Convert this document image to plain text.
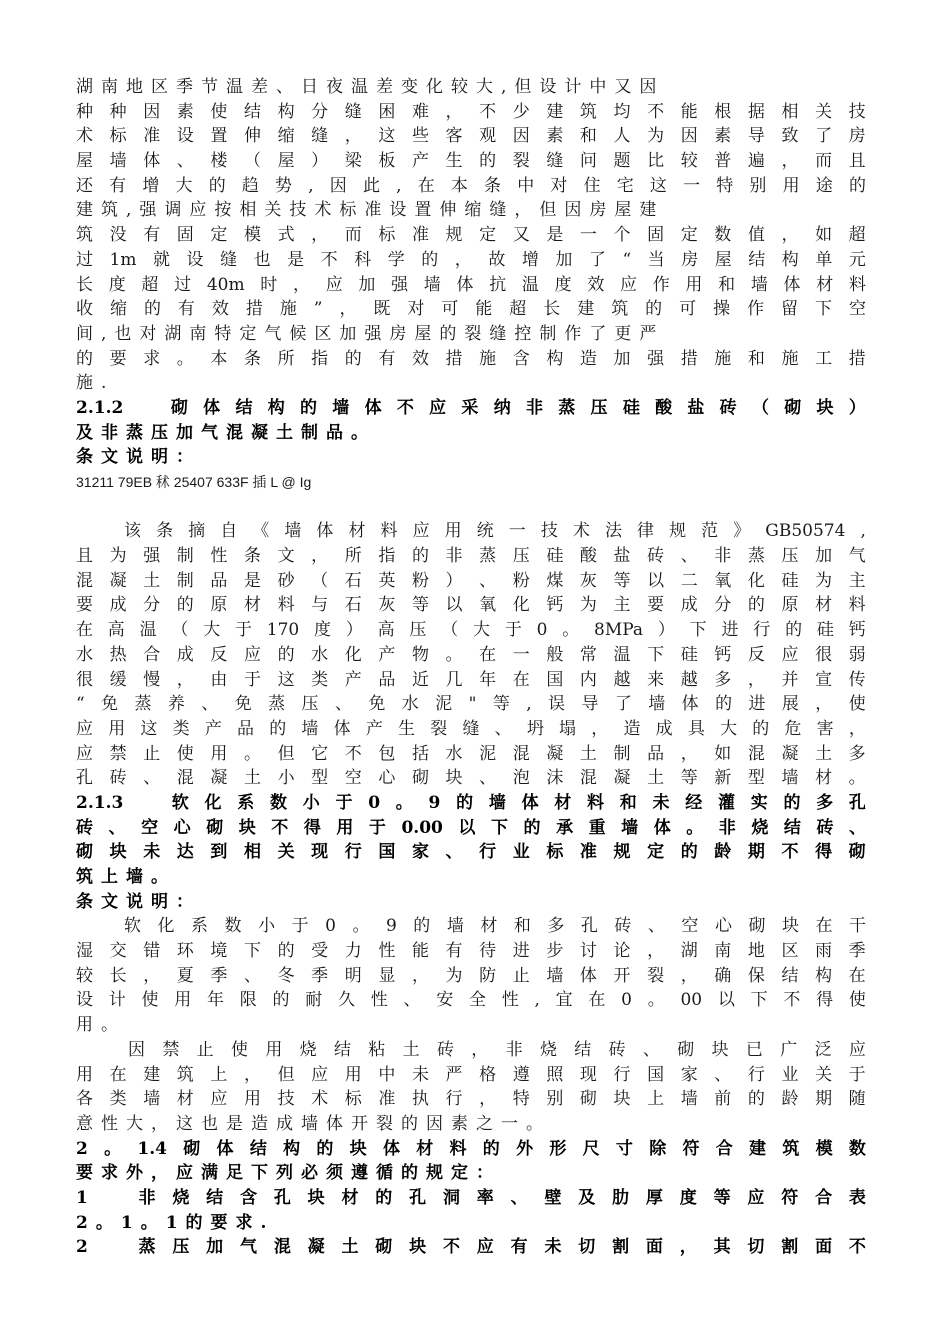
湖 南 地 区 季 节 温 差 、 日 夜 温 差 变 化 较 大 , 但 设 计 中 又 因
种 种 因 素 使 结 构 分 缝 困 难 ， 不 少 建 筑 均 不 能 根 据 相 关 技
术 标 准 设 置 伸 缩 缝 ， 这 些 客 观 因 素 和 人 为 因 素 导 致 了 房
屋 墙 体 、 楼 （ 屋 ） 梁 板 产 生 的 裂 缝 问 题 比 较 普 遍 ， 而 且
还 有 增 大 的 趋 势 , 因 此 , 在 本 条 中 对 住 宅 这 一 特 别 用 途 的
建 筑 , 强 调 应 按 相 关 技 术 标 准 设 置 伸 缩 缝 ， 但 因 房 屋 建
筑 没 有 固 定 模 式 ， 而 标 准 规 定 又 是 一 个 固 定 数 值 ， 如 超
过 1m 就 设 缝 也 是 不 科 学 的 ， 故 增 加 了 “ 当 房 屋 结 构 单 元
长 度 超 过 40m 时 ， 应 加 强 墙 体 抗 温 度 效 应 作 用 和 墙 体 材 料
收 缩 的 有 效 措 施 ” ， 既 对 可 能 超 长 建 筑 的 可 操 作 留 下 空
间 , 也 对 湖 南 特 定 气 候 区 加 强 房 屋 的 裂 缝 控 制 作 了 更 严
的 要 求 。 本 条 所 指 的 有 效 措 施 含 构 造 加 强 措 施 和 施 工 措
施 .
2.1.2
　	砌 体 结 构 的 墙 体 不 应 采 纳 非 蒸 压 硅 酸 盐 砖 （ 砌 块 ）
及 非 蒸 压 加 气 混 凝 土 制 品 。
条 文 说 明 ：
31211 79EB 秫 25407 633F 插 L @ Ig
该 条 摘 自 《 墙 体 材 料 应 用 统 一 技 术 法 律 规 范 》 GB50574 ,
且 为 强 制 性 条 文 ， 所 指 的 非 蒸 压 硅 酸 盐 砖 、 非 蒸 压 加 气
混 凝 土 制 品 是 砂 （ 石 英 粉 ） 、 粉 煤 灰 等 以 二 氧 化 硅 为 主
要 成 分 的 原 材 料 与 石 灰 等 以 氧 化 钙 为 主 要 成 分 的 原 材 料
在 高 温 （ 大 于 170 度 ） 高 压 （ 大 于 0 。 8MPa ） 下 进 行 的 硅 钙
水 热 合 成 反 应 的 水 化 产 物 。 在 一 般 常 温 下 硅 钙 反 应 很 弱
很 缓 慢 ， 由 于 这 类 产 品 近 几 年 在 国 内 越 来 越 多 ， 并 宣 传
“ 免 蒸 养 、 免 蒸 压 、 免 水 泥 " 等 , 误 导 了 墙 体 的 进 展 ， 使
应 用 这 类 产 品 的 墙 体 产 生 裂 缝 、 坍 塌 ， 造 成 具 大 的 危 害 ，
应 禁 止 使 用 。 但 它 不 包 括 水 泥 混 凝 土 制 品 ， 如 混 凝 土 多
孔 砖 、 混 凝 土 小 型 空 心 砌 块 、 泡 沫 混 凝 土 等 新 型 墙 材 。
2.1.3
　	软 化 系 数 小 于 0 。 9 的 墙 体 材 料 和 未 经 灌 实 的 多 孔
砖 、 空 心 砌 块 不 得 用 于 0.00 以 下 的 承 重 墙 体 。 非 烧 结 砖 、
砌 块 未 达 到 相 关 现 行 国 家 、 行 业 标 准 规 定 的 龄 期 不 得 砌
筑 上 墙 。
条 文 说 明 ：
软 化 系 数 小 于 0 。 9 的 墙 材 和 多 孔 砖 、 空 心 砌 块 在 干
湿 交 错 环 境 下 的 受 力 性 能 有 待 进 步 讨 论 ， 湖 南 地 区 雨 季
较 长 ， 夏 季 、 冬 季 明 显 ， 为 防 止 墙 体 开 裂 ， 确 保 结 构 在
设 计 使 用 年 限 的 耐 久 性 、 安 全 性 , 宜 在 0 。 00 以 下 不 得 使
用 。
因 禁 止 使 用 烧 结 粘 土 砖 ， 非 烧 结 砖 、 砌 块 已 广 泛 应
用 在 建 筑 上 ， 但 应 用 中 未 严 格 遵 照 现 行 国 家 、 行 业 关 于
各 类 墙 材 应 用 技 术 标 准 执 行 ， 特 别 砌 块 上 墙 前 的 龄 期 随
意 性 大 ， 这 也 是 造 成 墙 体 开 裂 的 因 素 之 一 。
2 。 1.4 砌 体 结 构 的 块 体 材 料 的 外 形 尺 寸 除 符 合 建 筑 模 数
要 求 外 ， 应 满 足 下 列 必 须 遵 循 的 规 定 ：
1
　	非 烧 结 含 孔 块 材 的 孔 洞 率 、 壁 及 肋 厚 度 等 应 符 合 表
2 。 1 。 1 的 要 求 .
2
　	蒸 压 加 气 混 凝 土 砌 块 不 应 有 未 切 割 面 ， 其 切 割 面 不
